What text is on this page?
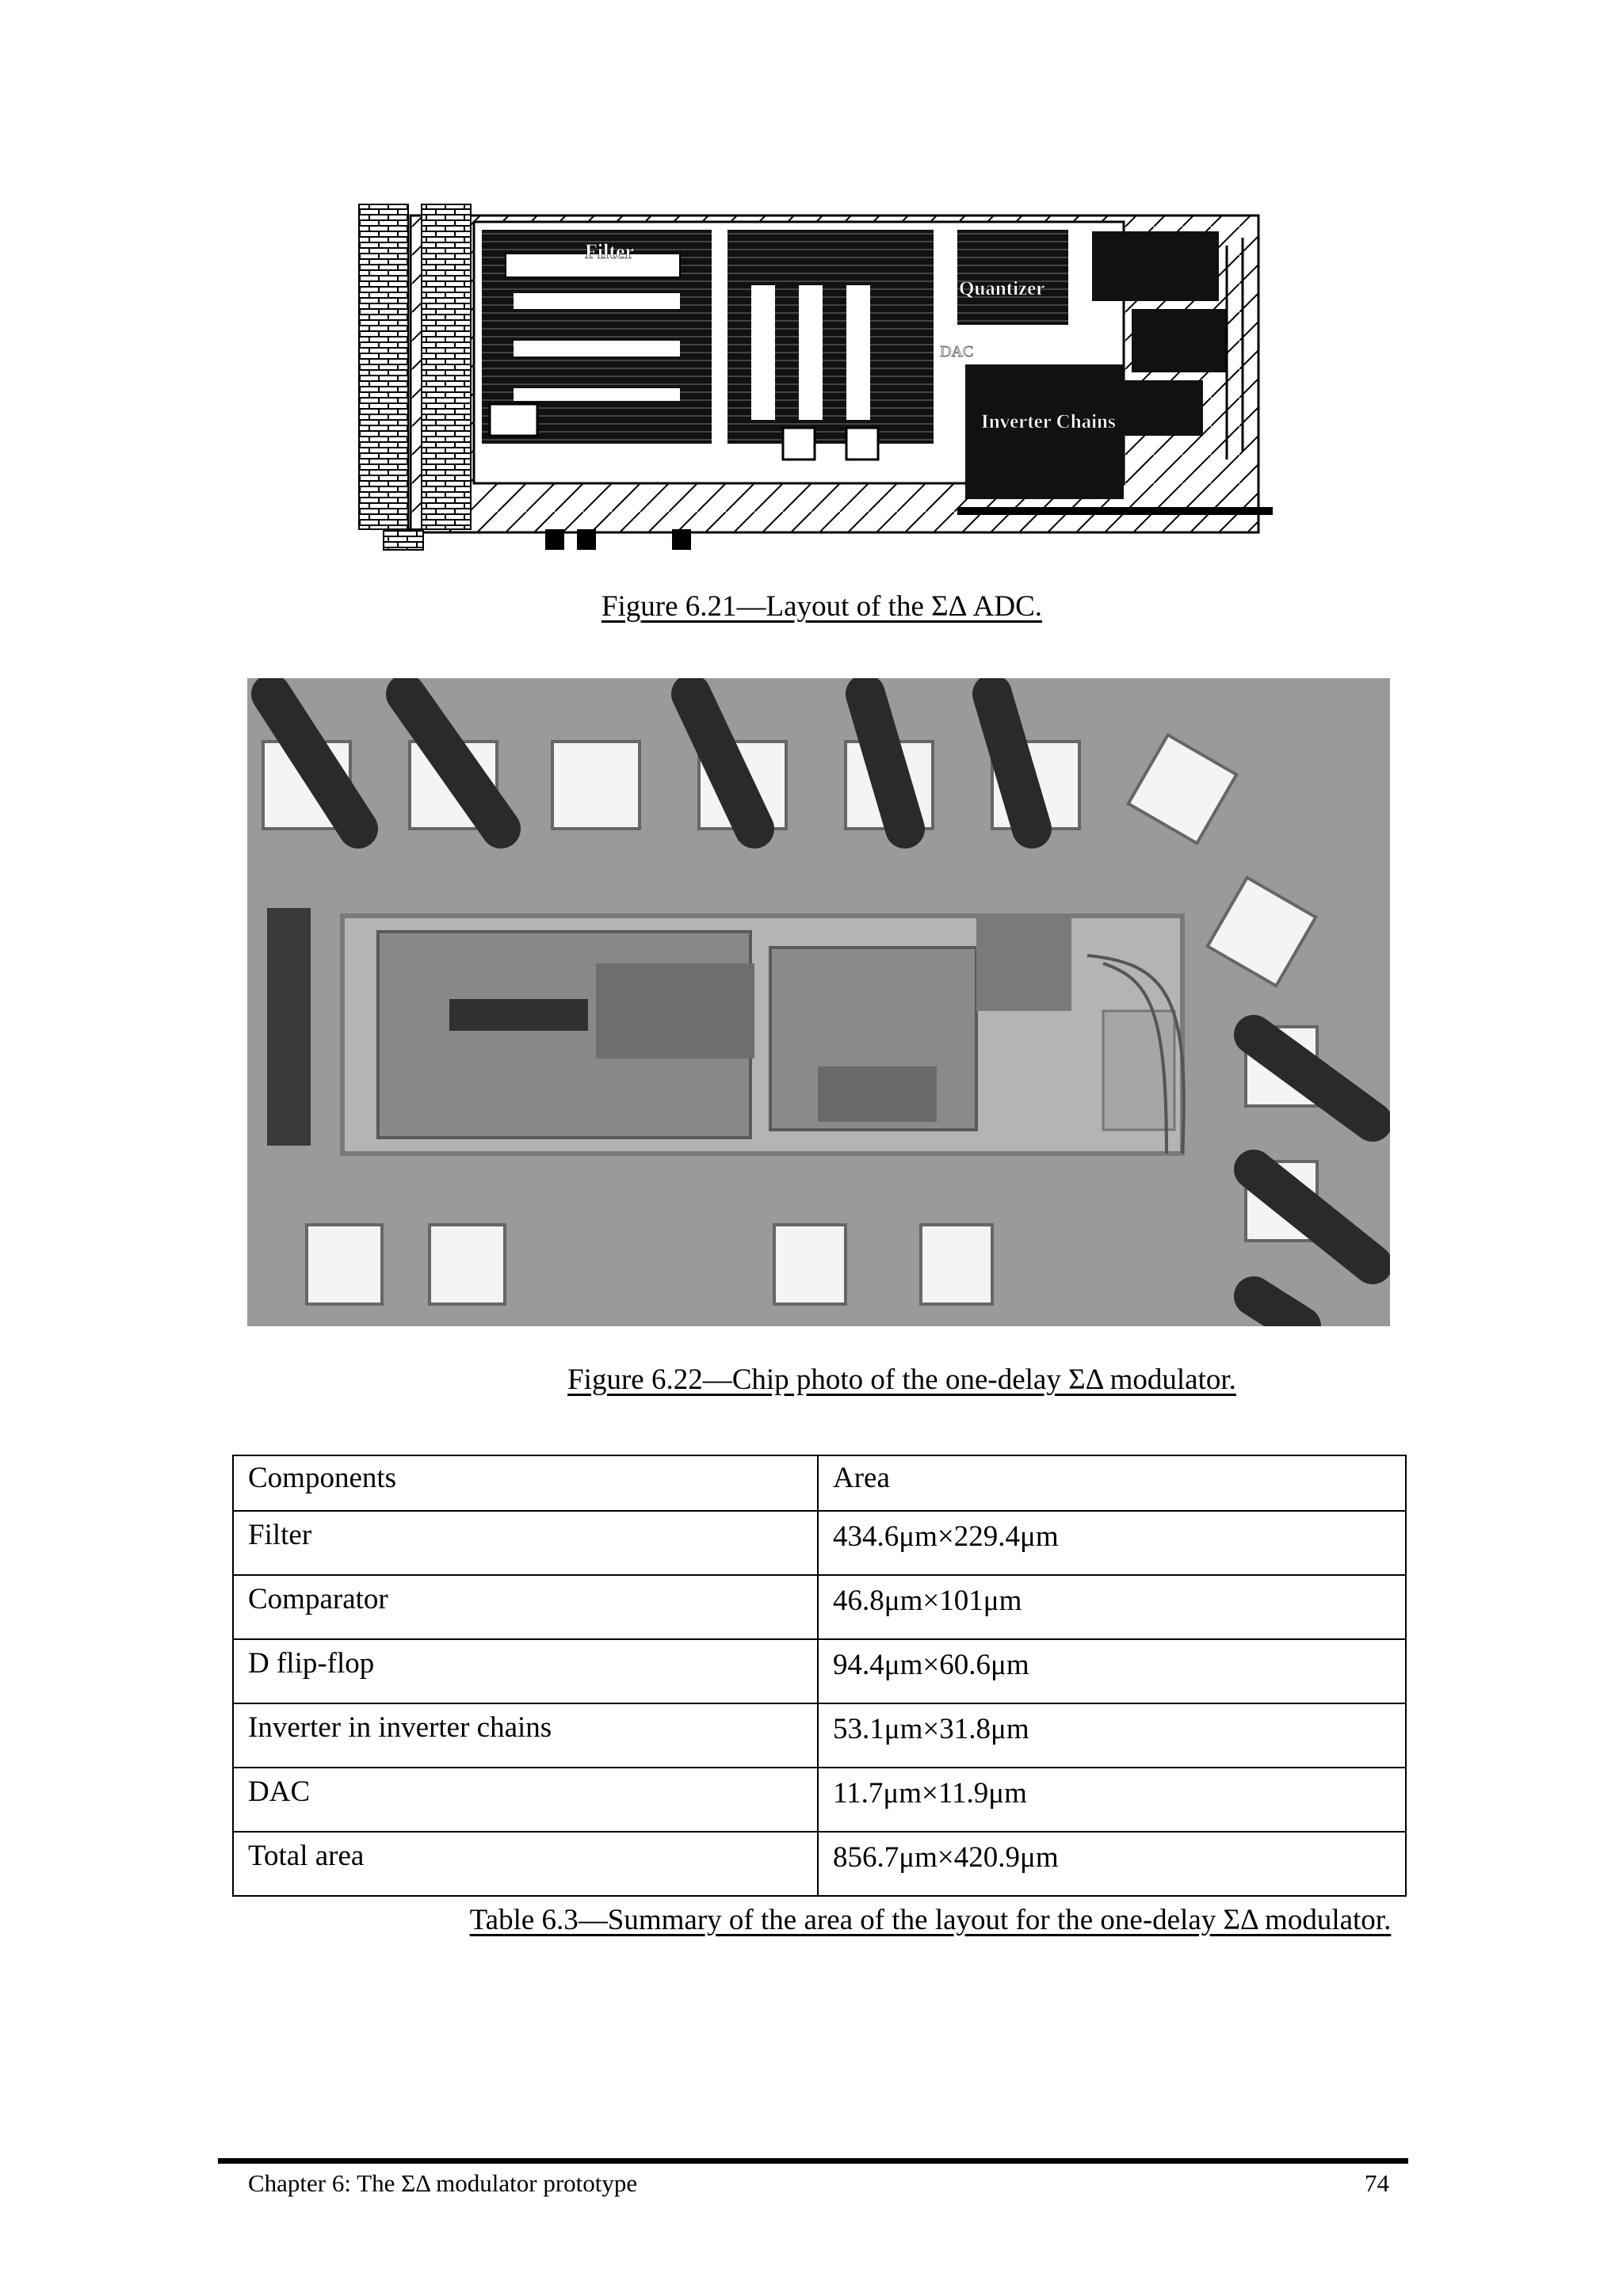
Filter
Quantizer
DAC
Inverter Chains
Figure 6.21—Layout of the ΣΔ ADC.
Figure 6.22—Chip photo of the one-delay ΣΔ modulator.
Components	Area
Filter	434.6μm×229.4μm
Comparator	46.8μm×101μm
D flip-flop	94.4μm×60.6μm
Inverter in inverter chains	53.1μm×31.8μm
DAC	11.7μm×11.9μm
Total area	856.7μm×420.9μm
Table 6.3—Summary of the area of the layout for the one-delay ΣΔ modulator.
Chapter 6: The ΣΔ modulator prototype	74
